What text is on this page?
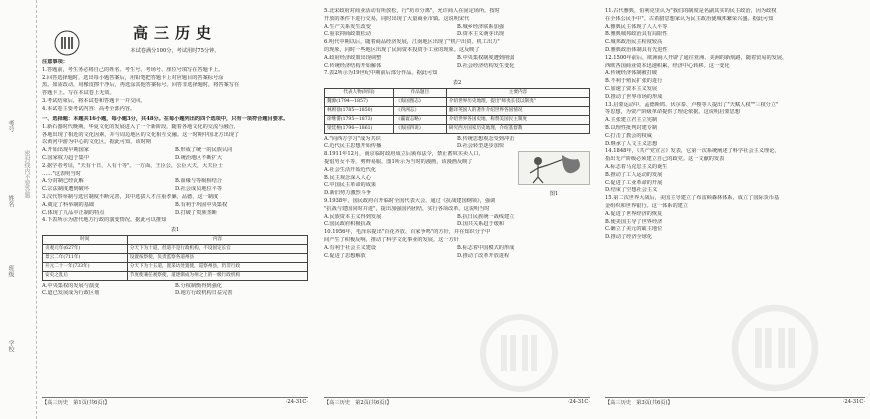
考号
姓名
班级
学校
密封线内不要答题
高三历史
本试卷满分100分，考试用时75分钟。
注意事项：
1.答题前，考生务必将自己的姓名、考生号、考场号、座位号填写在答题卡上。
2.回答选择题时，选出每小题答案后，用铅笔把答题卡上对应题目的答案标号涂
黑。如需改动，用橡皮擦干净后，再选涂其他答案标号。回答非选择题时，将答案写在
答题卡上。写在本试卷上无效。
3.考试结束后，将本试卷和答题卡一并交回。
4.本试卷主要考试内容：高考全部内容。
一、选择题：本题共16小题，每小题3分，共48分。在每小题列出的四个选项中，只有一项符合题目要求。
1.新石器时代晚期，华夏文化的发展进入了一个新阶段，随着各地文化的交流与融合，
各地出现了相近的文化因素，并与周边地区的文化相互交融。这一时期中国北方出现了
以黄河中游为中心的文化区。据此可知，该时期
A.开始出现早期国家	B.形成了统一的民族认同
C.国家权力趋于集中	D.统治地区不断扩大
2.据学者考证，"天有十日，人有十等"。一方面，王臣公，公臣大夫，大夫臣士
……"这表明当时
A.分封制已经瓦解	B.血缘与等级相结合
C.宗法制度遭到破坏	D.社会成员地位平等
3.汉代察举制与选官制度不断完善，其中选拔人才注重孝廉、品德，这一制度
A.奠定了科举制的基础	B.有利于巩固中央集权
C.体现了九品中正制的特点	D.打破了贵族垄断
4.下表所示为唐代地方行政的演变情况。据此可以推知
表1
时间	内容
贞观元年(627年)	分天下为十道，但道不是行政机构，不设固定长官
景云二年(711年)	设置按察使，负责监察各道州县
开元二十一年(733年)	分天下为十五道，置采访处置使，巡察州县，仍非行政
安史之乱后	节度使兼任观察使，道逐渐成为州之上的一级行政机构
A.中央集权的发展与演变	B.分权制衡得到强化
C.道已发展成为行政区划	D.地方行政机构日益完善
【高三历史　第1页(共6页)】	·24-31C·
5.北宋政府对商业活动有所放松，行"坊市分离"，允许商人在固定场所，按时
开放的条件下进行交易，同时出现了大量商业市镇。这说明宋代
A.生产关系发生改变	B.城乡经济联系加强
C.重农抑商政策松动	D.资本主义萌芽出现
6.明代中期以后，随着商品经济发展，江南地区出现了"机户出资，机工出力"
的现象，同时一些地区出现了民间资本投资手工业的现象。这反映了
A.政府经济政策出现调整	B.中央集权制度遭到削弱
C.传统经济结构开始解体	D.社会经济结构发生变化
7.表2所示为19世纪中期前后部分作品。据此可知
表2
代表人物(时间)	作品题目	主要内容
魏源(1794—1857)	《海国图志》	介绍世界历史地理，提出"师夷长技以制夷"
林则徐(1785—1850)	《四洲志》	翻译英国人的著作介绍世界各国情况
徐继畬(1795—1873)	《瀛寰志略》	介绍世界各国史地，称赞美国民主制度
梁廷枏(1796—1861)	《海国四说》	研究西方国家历史地理，介绍基督教
A."向西方学习"成为共识	B.传统思想观念受到冲击
C.近代民主思想开始传播	D.社会转型逐步加快
图1
8.1911年12月，南京临时政府成立后颁布法令，禁止蓄奴买卖人口，
提倡男女平等，剪辫易服。图1所示为当时的漫画，该漫画反映了
A.社会生活开始近代化
B.民主观念深入人心
C.中国民主革命的成果
D.新旧势力激烈斗争
9.1938年，国民政府召开临时全国代表大会，通过《抗战建国纲领》，强调
"抗战与建国同时并进"，提出加强国内团结，实行各项改革。这说明当时
A.民族资本主义得到发展	B.抗日民族统一战线建立
C.国民政府积极抗战	D.国共关系趋于缓和
10.1956年，毛泽东提出"百花齐放、百家争鸣"的方针，并在知识分子中
间产生了积极反响，推动了科学文化事业的发展。这一方针
A.有利于社会主义建设	B.标志着中国模式的形成
C.促进了思想解放	D.推动了改革开放进程
【高三历史　第2页(共6页)】	·24-31C·
11.古代雅典，伯利克里认为"我们的制度是名副其实的民主政治，因为政权
在全体公民手中"。古希腊思想家认为民主政治使城邦繁荣兴盛。据此可知
A.雅典民主体现了人人平等
B.雅典城邦政治具有局限性
C.城邦政治民主程度较高
D.雅典政治体制具有先进性
12.1500年前后，欧洲商人开辟了通往亚洲、美洲的新航路，随着贸易的发展，
西欧各国商业资本迅速积累，经济中心转移。这一变化
A.传统经济体制被打破
B.不利于殖民扩张的进行
C.加速了资本主义发展
D.推动了世界市场的形成
13.启蒙运动中，孟德斯鸠、伏尔泰、卢梭等人提出了"天赋人权""三权分立"
等思想，为资产阶级革命提供了理论依据。这说明启蒙思想
A.主张建立君主立宪制
B.以理性批判封建专制
C.打击了教会的权威
D.继承了人文主义思想
14.1848年，《共产党宣言》发表，它第一次系统阐述了科学社会主义理论，
指出无产阶级必须建立自己的政党。这一文献的发表
A.标志着马克思主义的诞生
B.推动了工人运动的发展
C.促进了工业革命的开展
D.结束了空想社会主义
15.第二次世界大战后，美国主导建立了布雷顿森林体系，成立了国际货币基
金组织和世界银行。这一体系的建立
A.促进了世界经济的恢复
B.使美国主导了世界经济
C.确立了美元的霸主地位
D.推动了经济全球化
【高三历史　第3页(共6页)】	·24-31C·
